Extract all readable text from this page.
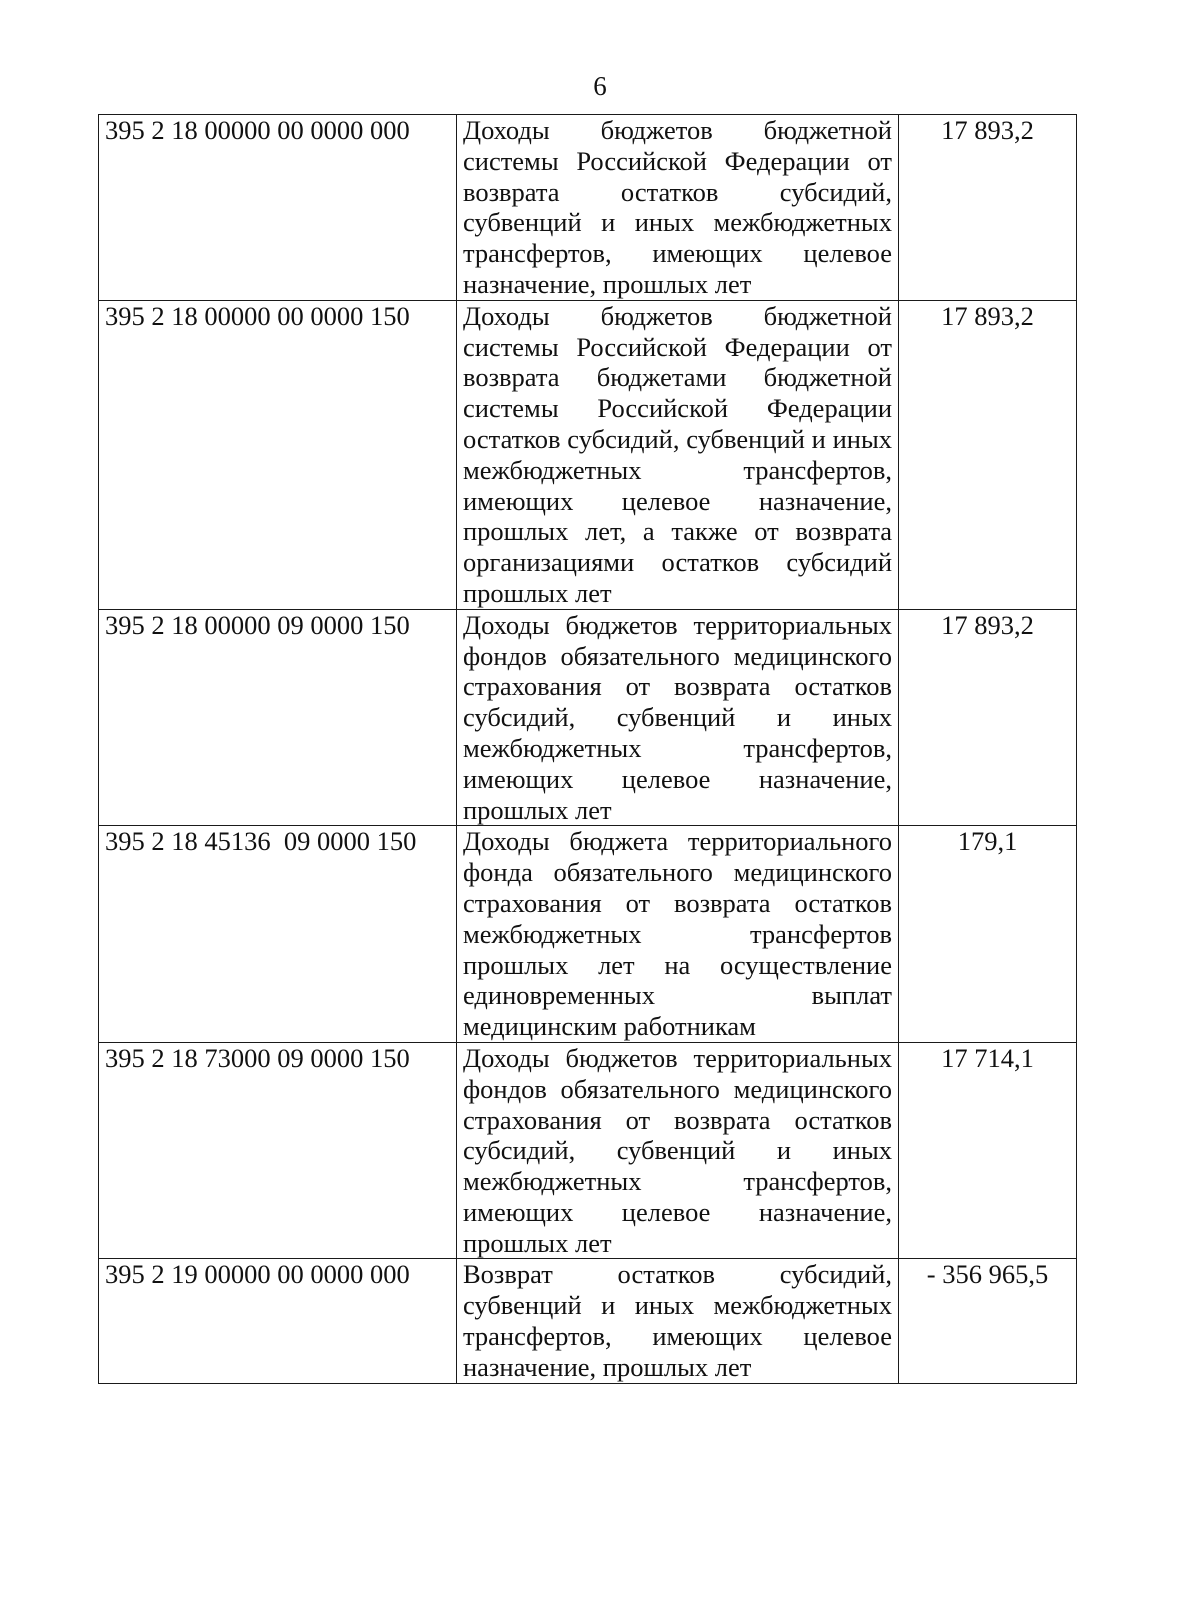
6
395 2 18 00000 00 0000 000	Доходы бюджетов бюджетной системы Российской Федерации от возврата остатков субсидий, субвенций и иных межбюджетных трансфертов, имеющих целевое назначение, прошлых лет	17 893,2
395 2 18 00000 00 0000 150	Доходы бюджетов бюджетной системы Российской Федерации от возврата бюджетами бюджетной системы Российской Федерации остатков субсидий, субвенций и иных межбюджетных трансфертов, имеющих целевое назначение, прошлых лет, а также от возврата организациями остатков субсидий прошлых лет	17 893,2
395 2 18 00000 09 0000 150	Доходы бюджетов территориальных фондов обязательного медицинского страхования от возврата остатков субсидий, субвенций и иных межбюджетных трансфертов, имеющих целевое назначение, прошлых лет	17 893,2
395 2 18 45136  09 0000 150	Доходы бюджета территориального фонда обязательного медицинского страхования от возврата остатков межбюджетных трансфертов прошлых лет на осуществление единовременных выплат медицинским работникам	179,1
395 2 18 73000 09 0000 150	Доходы бюджетов территориальных фондов обязательного медицинского страхования от возврата остатков субсидий, субвенций и иных межбюджетных трансфертов, имеющих целевое назначение, прошлых лет	17 714,1
395 2 19 00000 00 0000 000	Возврат остатков субсидий, субвенций и иных межбюджетных трансфертов, имеющих целевое назначение, прошлых лет	- 356 965,5
